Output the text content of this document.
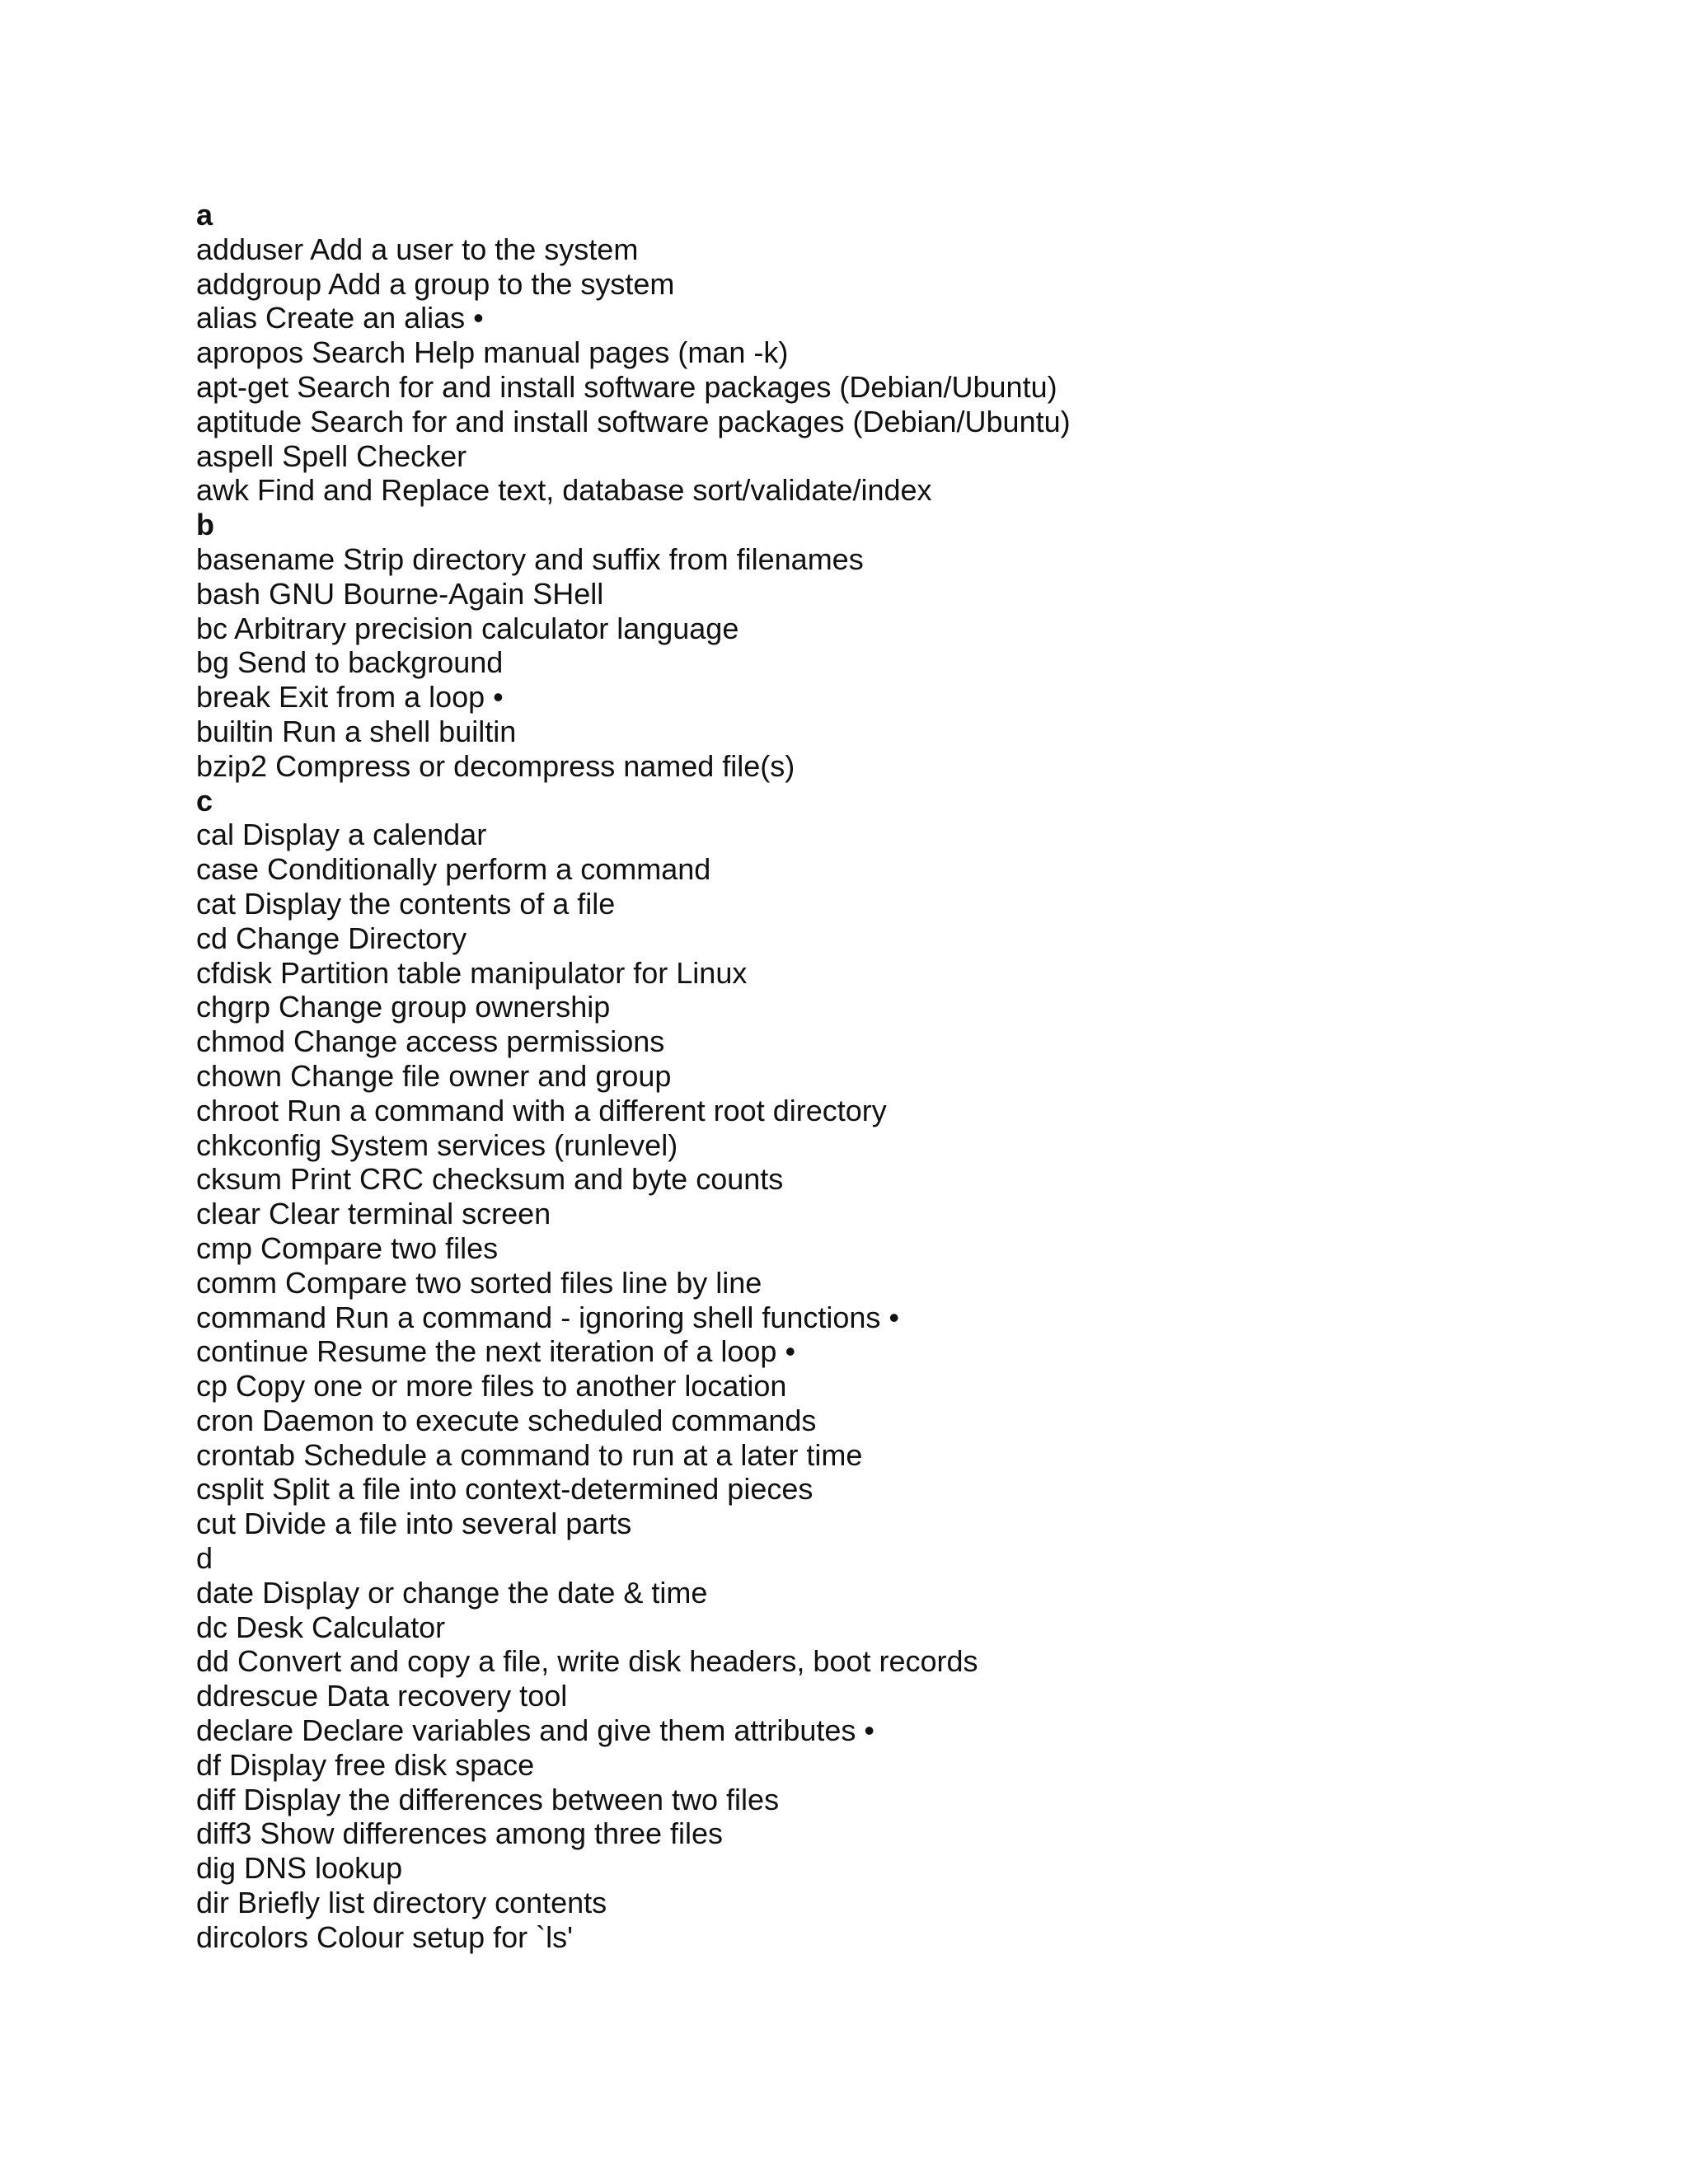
a
adduser Add a user to the system
addgroup Add a group to the system
alias Create an alias •
apropos Search Help manual pages (man -k)
apt-get Search for and install software packages (Debian/Ubuntu)
aptitude Search for and install software packages (Debian/Ubuntu)
aspell Spell Checker
awk Find and Replace text, database sort/validate/index
b
basename Strip directory and suffix from filenames
bash GNU Bourne-Again SHell
bc Arbitrary precision calculator language
bg Send to background
break Exit from a loop •
builtin Run a shell builtin
bzip2 Compress or decompress named file(s)
c
cal Display a calendar
case Conditionally perform a command
cat Display the contents of a file
cd Change Directory
cfdisk Partition table manipulator for Linux
chgrp Change group ownership
chmod Change access permissions
chown Change file owner and group
chroot Run a command with a different root directory
chkconfig System services (runlevel)
cksum Print CRC checksum and byte counts
clear Clear terminal screen
cmp Compare two files
comm Compare two sorted files line by line
command Run a command - ignoring shell functions •
continue Resume the next iteration of a loop •
cp Copy one or more files to another location
cron Daemon to execute scheduled commands
crontab Schedule a command to run at a later time
csplit Split a file into context-determined pieces
cut Divide a file into several parts
d
date Display or change the date & time
dc Desk Calculator
dd Convert and copy a file, write disk headers, boot records
ddrescue Data recovery tool
declare Declare variables and give them attributes •
df Display free disk space
diff Display the differences between two files
diff3 Show differences among three files
dig DNS lookup
dir Briefly list directory contents
dircolors Colour setup for `ls'
